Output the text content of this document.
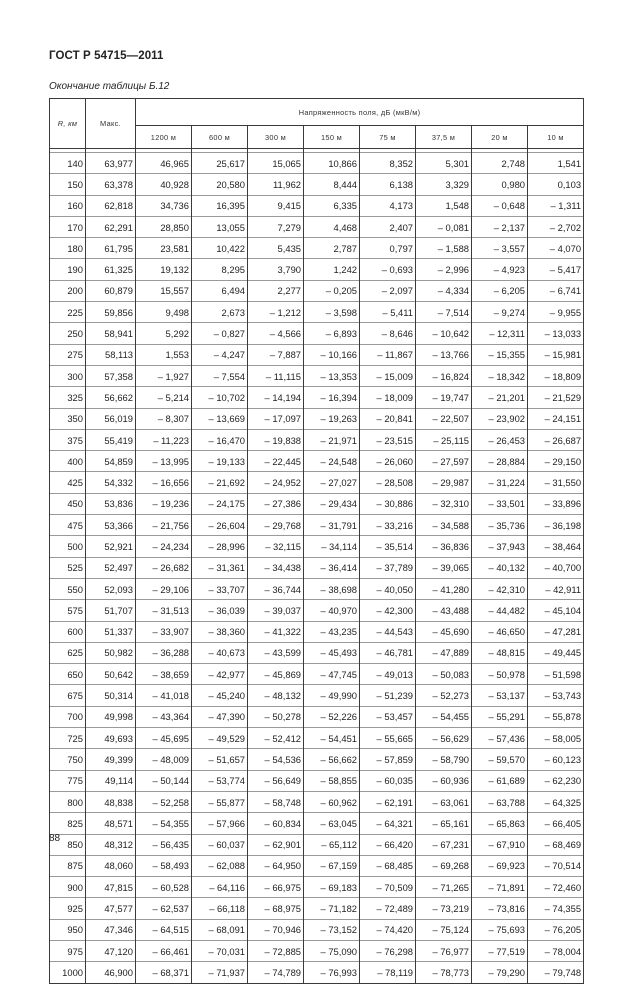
ГОСТ Р 54715—2011
Окончание таблицы Б.12
R, км	Макс.	Напряженность поля, дБ (мкВ/м)							
		1200 м	600 м	300 м	150 м	75 м	37,5 м	20 м	10 м

140	63,977	46,965	25,617	15,065	10,866	8,352	5,301	2,748	1,541
150	63,378	40,928	20,580	11,962	8,444	6,138	3,329	0,980	0,103
160	62,818	34,736	16,395	9,415	6,335	4,173	1,548	– 0,648	– 1,311
170	62,291	28,850	13,055	7,279	4,468	2,407	– 0,081	– 2,137	– 2,702
180	61,795	23,581	10,422	5,435	2,787	0,797	– 1,588	– 3,557	– 4,070
190	61,325	19,132	8,295	3,790	1,242	– 0,693	– 2,996	– 4,923	– 5,417
200	60,879	15,557	6,494	2,277	– 0,205	– 2,097	– 4,334	– 6,205	– 6,741
225	59,856	9,498	2,673	– 1,212	– 3,598	– 5,411	– 7,514	– 9,274	– 9,955
250	58,941	5,292	– 0,827	– 4,566	– 6,893	– 8,646	– 10,642	– 12,311	– 13,033
275	58,113	1,553	– 4,247	– 7,887	– 10,166	– 11,867	– 13,766	– 15,355	– 15,981
300	57,358	– 1,927	– 7,554	– 11,115	– 13,353	– 15,009	– 16,824	– 18,342	– 18,809
325	56,662	– 5,214	– 10,702	– 14,194	– 16,394	– 18,009	– 19,747	– 21,201	– 21,529
350	56,019	– 8,307	– 13,669	– 17,097	– 19,263	– 20,841	– 22,507	– 23,902	– 24,151
375	55,419	– 11,223	– 16,470	– 19,838	– 21,971	– 23,515	– 25,115	– 26,453	– 26,687
400	54,859	– 13,995	– 19,133	– 22,445	– 24,548	– 26,060	– 27,597	– 28,884	– 29,150
425	54,332	– 16,656	– 21,692	– 24,952	– 27,027	– 28,508	– 29,987	– 31,224	– 31,550
450	53,836	– 19,236	– 24,175	– 27,386	– 29,434	– 30,886	– 32,310	– 33,501	– 33,896
475	53,366	– 21,756	– 26,604	– 29,768	– 31,791	– 33,216	– 34,588	– 35,736	– 36,198
500	52,921	– 24,234	– 28,996	– 32,115	– 34,114	– 35,514	– 36,836	– 37,943	– 38,464
525	52,497	– 26,682	– 31,361	– 34,438	– 36,414	– 37,789	– 39,065	– 40,132	– 40,700
550	52,093	– 29,106	– 33,707	– 36,744	– 38,698	– 40,050	– 41,280	– 42,310	– 42,911
575	51,707	– 31,513	– 36,039	– 39,037	– 40,970	– 42,300	– 43,488	– 44,482	– 45,104
600	51,337	– 33,907	– 38,360	– 41,322	– 43,235	– 44,543	– 45,690	– 46,650	– 47,281
625	50,982	– 36,288	– 40,673	– 43,599	– 45,493	– 46,781	– 47,889	– 48,815	– 49,445
650	50,642	– 38,659	– 42,977	– 45,869	– 47,745	– 49,013	– 50,083	– 50,978	– 51,598
675	50,314	– 41,018	– 45,240	– 48,132	– 49,990	– 51,239	– 52,273	– 53,137	– 53,743
700	49,998	– 43,364	– 47,390	– 50,278	– 52,226	– 53,457	– 54,455	– 55,291	– 55,878
725	49,693	– 45,695	– 49,529	– 52,412	– 54,451	– 55,665	– 56,629	– 57,436	– 58,005
750	49,399	– 48,009	– 51,657	– 54,536	– 56,662	– 57,859	– 58,790	– 59,570	– 60,123
775	49,114	– 50,144	– 53,774	– 56,649	– 58,855	– 60,035	– 60,936	– 61,689	– 62,230
800	48,838	– 52,258	– 55,877	– 58,748	– 60,962	– 62,191	– 63,061	– 63,788	– 64,325
825	48,571	– 54,355	– 57,966	– 60,834	– 63,045	– 64,321	– 65,161	– 65,863	– 66,405
850	48,312	– 56,435	– 60,037	– 62,901	– 65,112	– 66,420	– 67,231	– 67,910	– 68,469
875	48,060	– 58,493	– 62,088	– 64,950	– 67,159	– 68,485	– 69,268	– 69,923	– 70,514
900	47,815	– 60,528	– 64,116	– 66,975	– 69,183	– 70,509	– 71,265	– 71,891	– 72,460
925	47,577	– 62,537	– 66,118	– 68,975	– 71,182	– 72,489	– 73,219	– 73,816	– 74,355
950	47,346	– 64,515	– 68,091	– 70,946	– 73,152	– 74,420	– 75,124	– 75,693	– 76,205
975	47,120	– 66,461	– 70,031	– 72,885	– 75,090	– 76,298	– 76,977	– 77,519	– 78,004
1000	46,900	– 68,371	– 71,937	– 74,789	– 76,993	– 78,119	– 78,773	– 79,290	– 79,748
88
